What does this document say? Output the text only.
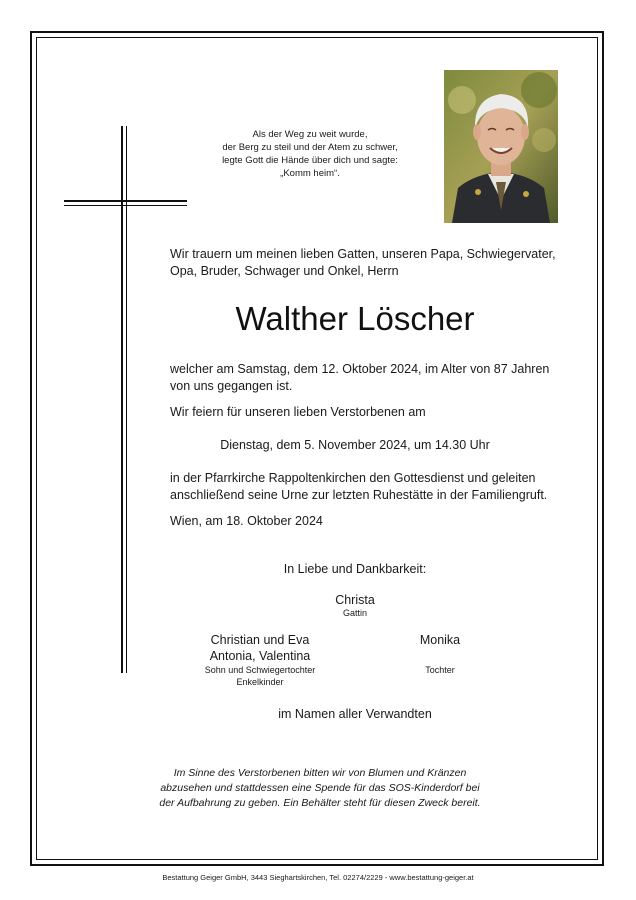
Als der Weg zu weit wurde,
der Berg zu steil und der Atem zu schwer,
legte Gott die Hände über dich und sagte:
„Komm heim“.
Wir trauern um meinen lieben Gatten, unseren Papa, Schwiegervater,
Opa, Bruder, Schwager und Onkel, Herrn
Walther Löscher
welcher am Samstag, dem 12. Oktober 2024, im Alter von 87 Jahren
von uns gegangen ist.
Wir feiern für unseren lieben Verstorbenen am
Dienstag, dem 5. November 2024, um 14.30 Uhr
in der Pfarrkirche Rappoltenkirchen den Gottesdienst und geleiten
anschließend seine Urne zur letzten Ruhestätte in der Familiengruft.
Wien, am 18. Oktober 2024
In Liebe und Dankbarkeit:
Christa
Gattin
Christian und Eva
Antonia, Valentina
Sohn und Schwiegertochter
Enkelkinder
Monika
Tochter
im Namen aller Verwandten
Im Sinne des Verstorbenen bitten wir von Blumen und Kränzen
abzusehen und stattdessen eine Spende für das SOS-Kinderdorf bei
der Aufbahrung zu geben. Ein Behälter steht für diesen Zweck bereit.
Bestattung Geiger GmbH, 3443 Sieghartskirchen, Tel. 02274/2229 - www.bestattung-geiger.at
